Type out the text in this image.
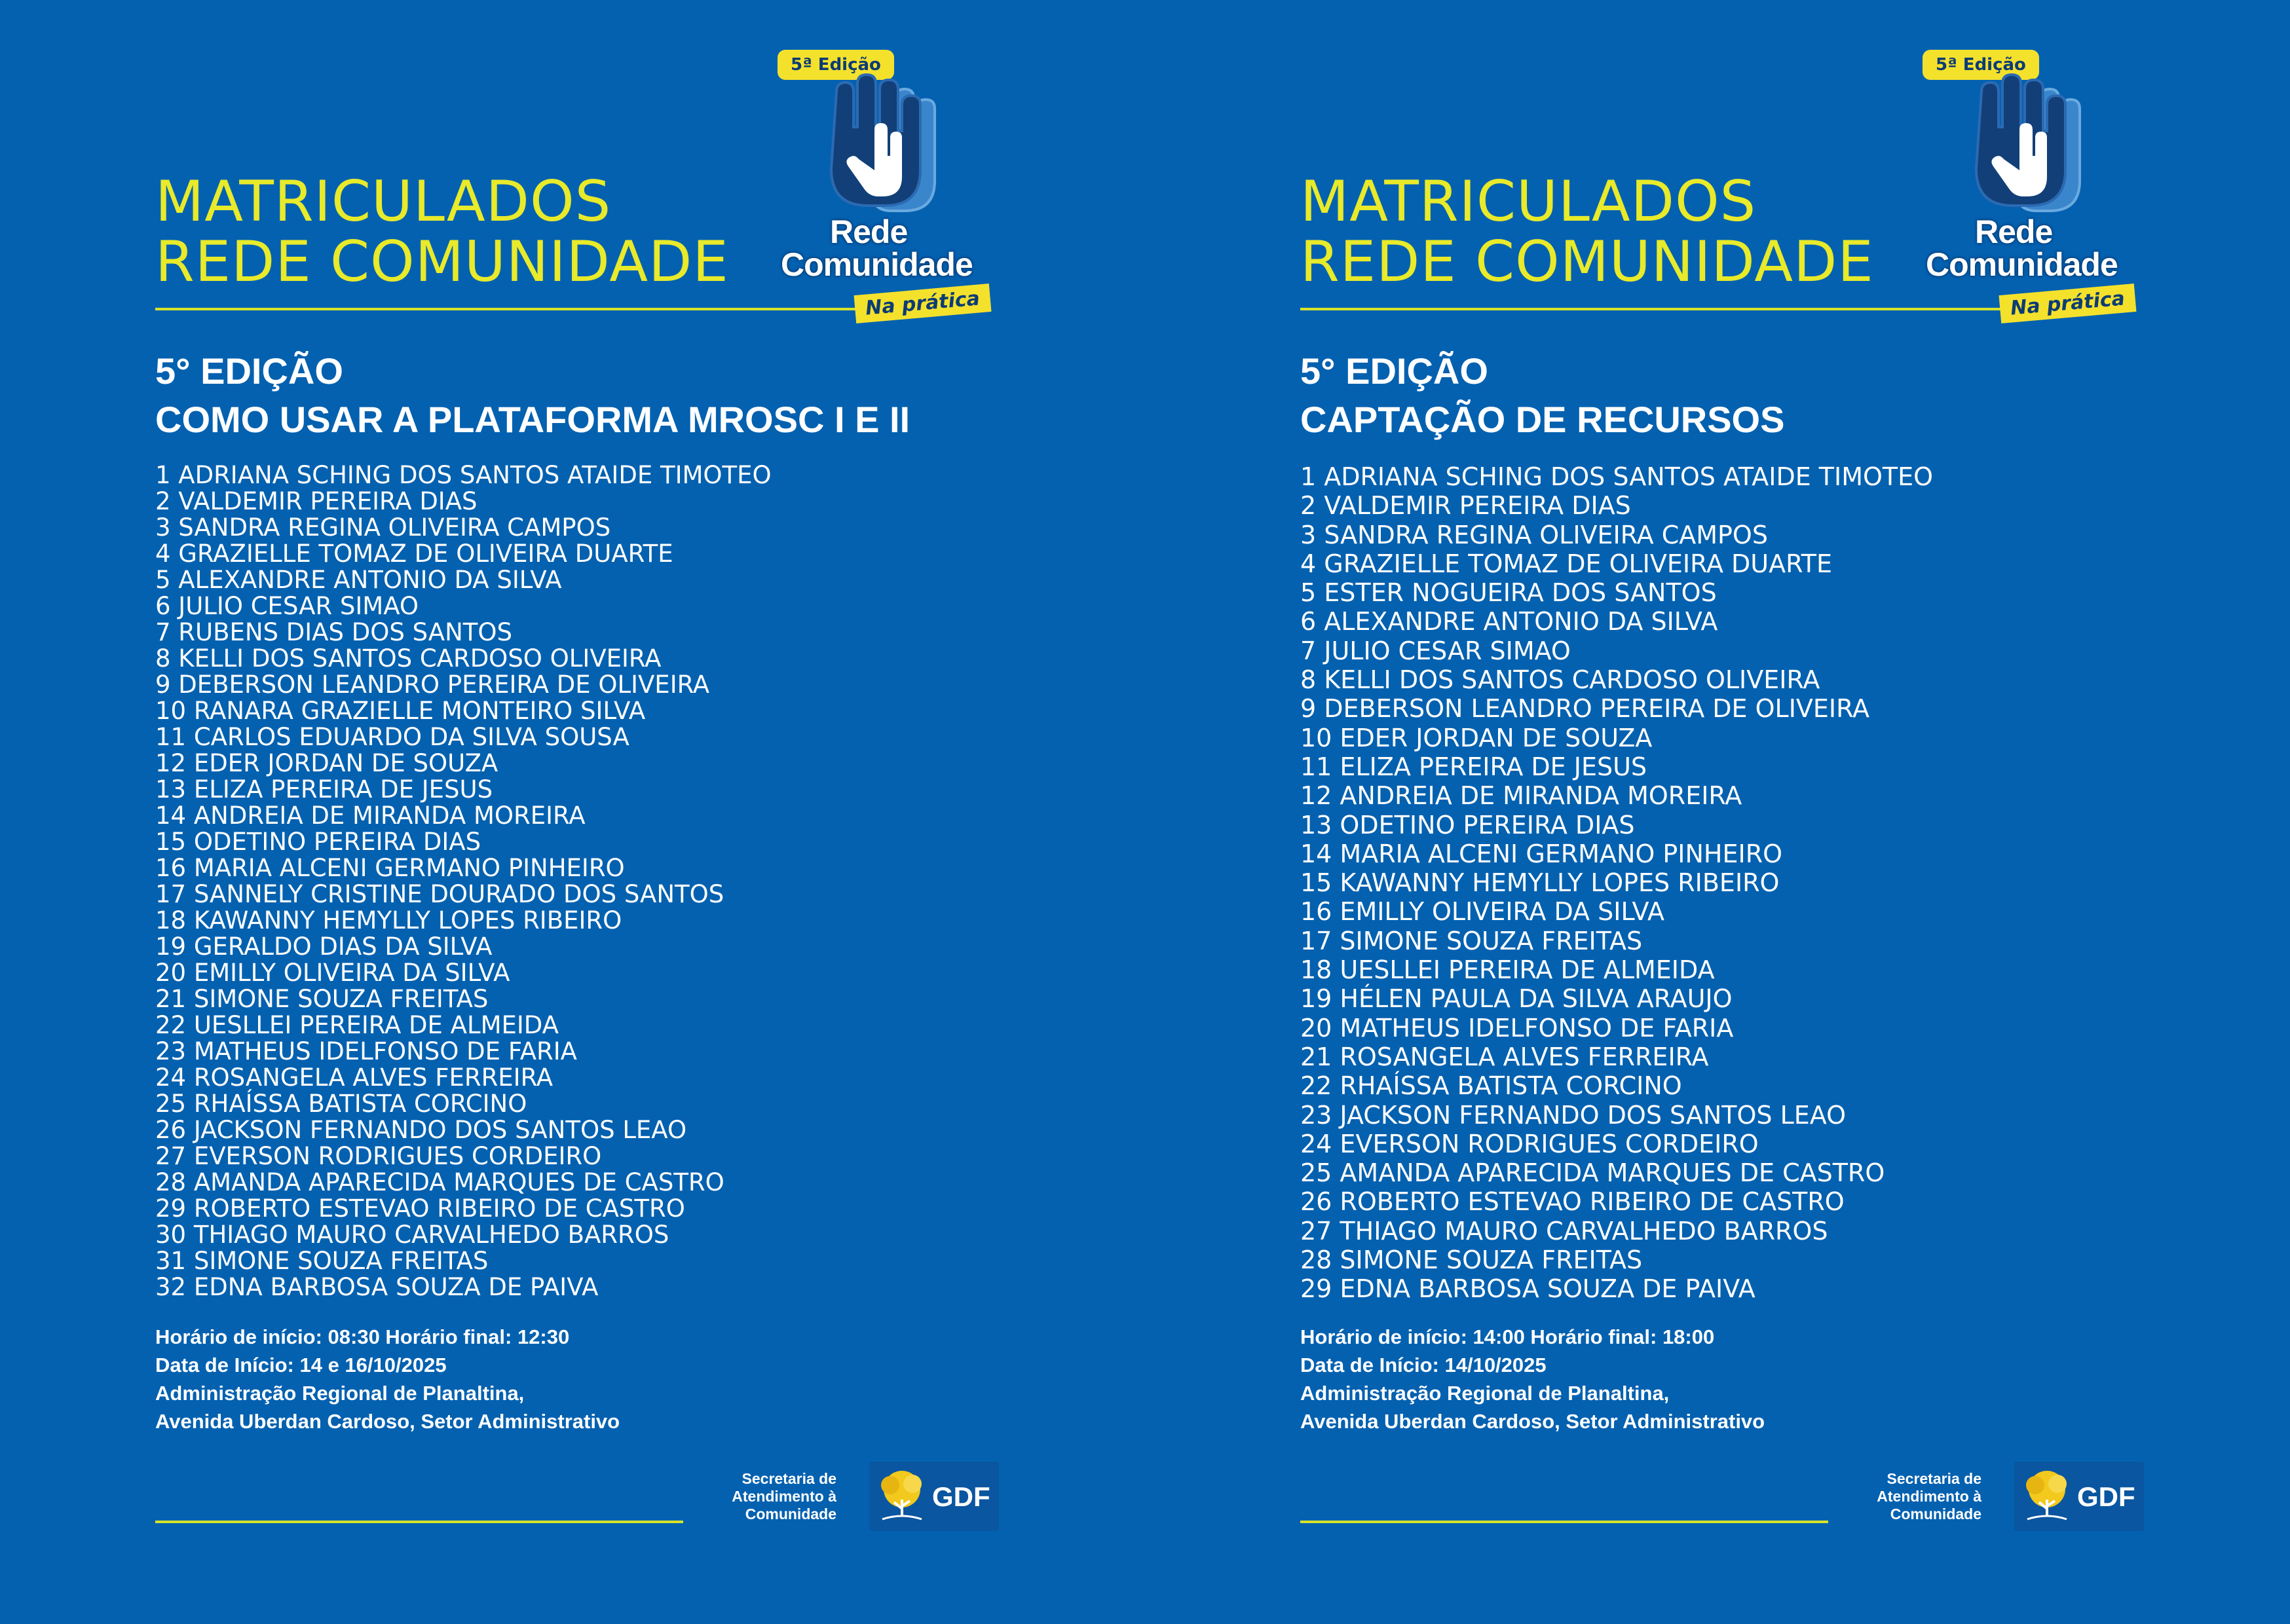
MATRICULADOS
REDE COMUNIDADE
5ª Edição
Rede
Comunidade
Na prática
5° EDIÇÃO
COMO USAR A PLATAFORMA MROSC I E II
1 ADRIANA SCHING DOS SANTOS ATAIDE TIMOTEO
2 VALDEMIR PEREIRA DIAS
3 SANDRA REGINA OLIVEIRA CAMPOS
4 GRAZIELLE TOMAZ DE OLIVEIRA DUARTE
5 ALEXANDRE ANTONIO DA SILVA
6 JULIO CESAR SIMAO
7 RUBENS DIAS DOS SANTOS
8 KELLI DOS SANTOS CARDOSO OLIVEIRA
9 DEBERSON LEANDRO PEREIRA DE OLIVEIRA
10 RANARA GRAZIELLE MONTEIRO SILVA
11 CARLOS EDUARDO DA SILVA SOUSA
12 EDER JORDAN DE SOUZA
13 ELIZA PEREIRA DE JESUS
14 ANDREIA DE MIRANDA MOREIRA
15 ODETINO PEREIRA DIAS
16 MARIA ALCENI GERMANO PINHEIRO
17 SANNELY CRISTINE DOURADO DOS SANTOS
18 KAWANNY HEMYLLY LOPES RIBEIRO
19 GERALDO DIAS DA SILVA
20 EMILLY OLIVEIRA DA SILVA
21 SIMONE SOUZA FREITAS
22 UESLLEI PEREIRA DE ALMEIDA
23 MATHEUS IDELFONSO DE FARIA
24 ROSANGELA ALVES FERREIRA
25 RHAÍSSA BATISTA CORCINO
26 JACKSON FERNANDO DOS SANTOS LEAO
27 EVERSON RODRIGUES CORDEIRO
28 AMANDA APARECIDA MARQUES DE CASTRO
29 ROBERTO ESTEVAO RIBEIRO DE CASTRO
30 THIAGO MAURO CARVALHEDO BARROS
31 SIMONE SOUZA FREITAS
32 EDNA BARBOSA SOUZA DE PAIVA
Horário de início: 08:30 Horário final: 12:30
Data de Início: 14 e 16/10/2025
Administração Regional de Planaltina,
Avenida Uberdan Cardoso, Setor Administrativo
Secretaria de
Atendimento à
Comunidade
GDF
MATRICULADOS
REDE COMUNIDADE
5ª Edição
Rede
Comunidade
Na prática
5° EDIÇÃO
CAPTAÇÃO DE RECURSOS
1 ADRIANA SCHING DOS SANTOS ATAIDE TIMOTEO
2 VALDEMIR PEREIRA DIAS
3 SANDRA REGINA OLIVEIRA CAMPOS
4 GRAZIELLE TOMAZ DE OLIVEIRA DUARTE
5 ESTER NOGUEIRA DOS SANTOS
6 ALEXANDRE ANTONIO DA SILVA
7 JULIO CESAR SIMAO
8 KELLI DOS SANTOS CARDOSO OLIVEIRA
9 DEBERSON LEANDRO PEREIRA DE OLIVEIRA
10 EDER JORDAN DE SOUZA
11 ELIZA PEREIRA DE JESUS
12 ANDREIA DE MIRANDA MOREIRA
13 ODETINO PEREIRA DIAS
14 MARIA ALCENI GERMANO PINHEIRO
15 KAWANNY HEMYLLY LOPES RIBEIRO
16 EMILLY OLIVEIRA DA SILVA
17 SIMONE SOUZA FREITAS
18 UESLLEI PEREIRA DE ALMEIDA
19 HÉLEN PAULA DA SILVA ARAUJO
20 MATHEUS IDELFONSO DE FARIA
21 ROSANGELA ALVES FERREIRA
22 RHAÍSSA BATISTA CORCINO
23 JACKSON FERNANDO DOS SANTOS LEAO
24 EVERSON RODRIGUES CORDEIRO
25 AMANDA APARECIDA MARQUES DE CASTRO
26 ROBERTO ESTEVAO RIBEIRO DE CASTRO
27 THIAGO MAURO CARVALHEDO BARROS
28 SIMONE SOUZA FREITAS
29 EDNA BARBOSA SOUZA DE PAIVA
Horário de início: 14:00 Horário final: 18:00
Data de Início: 14/10/2025
Administração Regional de Planaltina,
Avenida Uberdan Cardoso, Setor Administrativo
Secretaria de
Atendimento à
Comunidade
GDF
